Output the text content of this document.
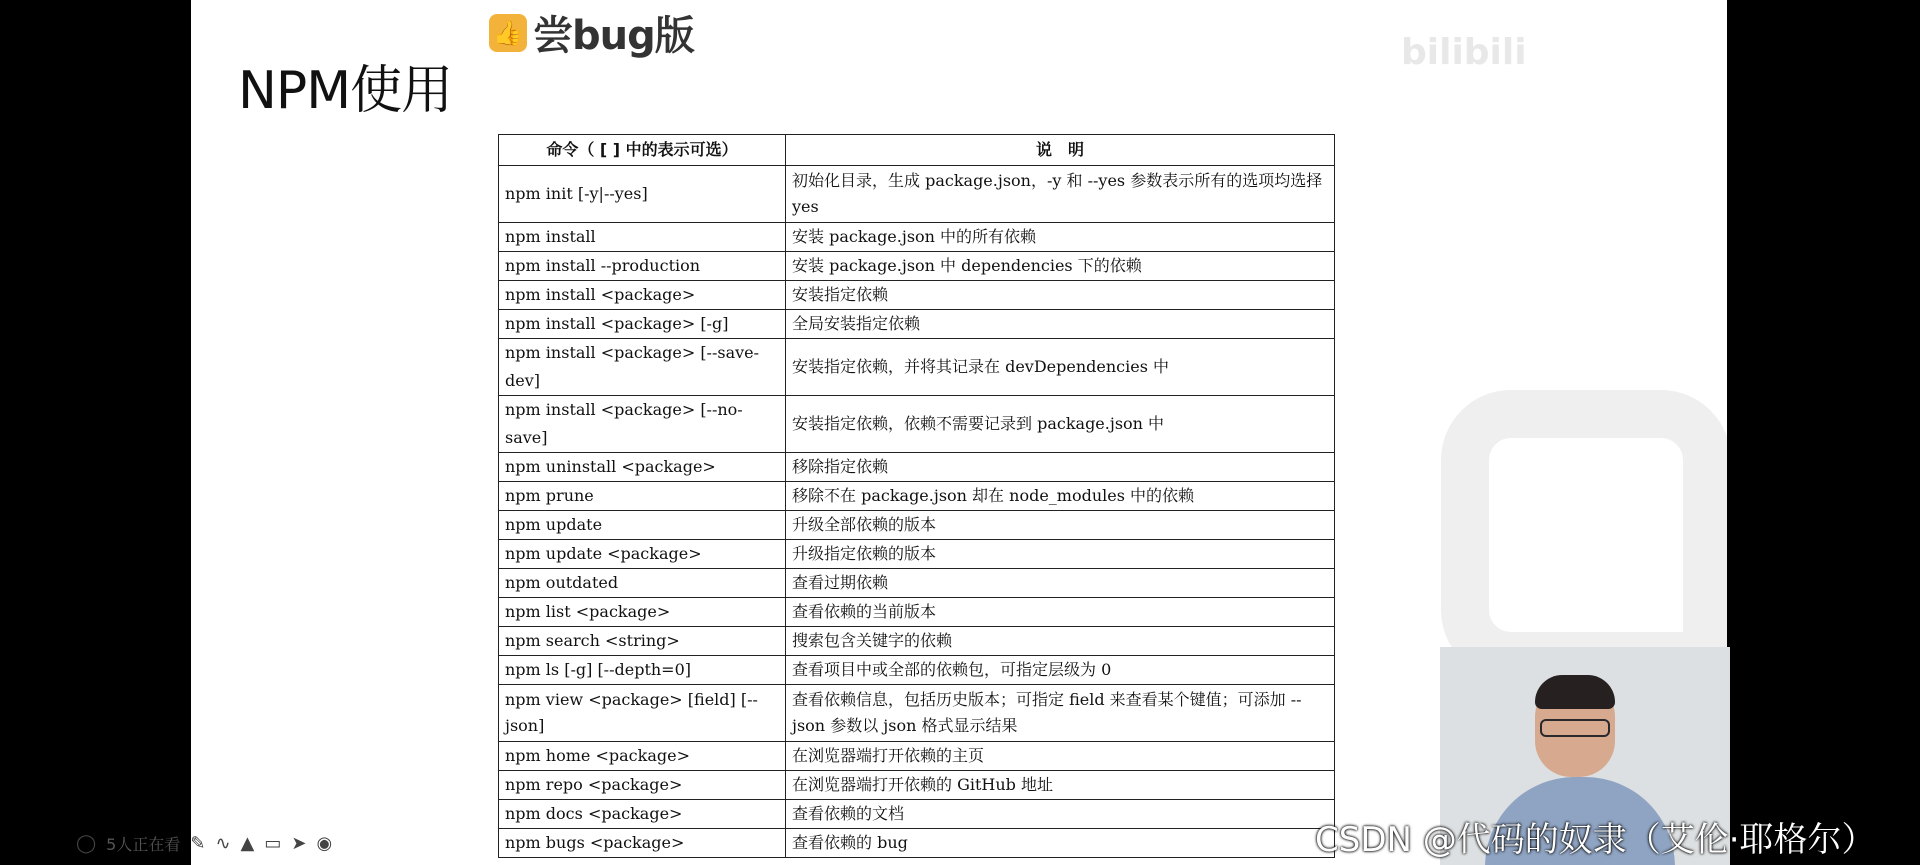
bilibili
👍 尝bug版
NPM使用
命令（ [ ] 中的表示可选）	说　明
npm init [-y|--yes]	初始化目录，生成 package.json，-y 和 --yes 参数表示所有的选项均选择 yes
npm install	安装 package.json 中的所有依赖
npm install --production	安装 package.json 中 dependencies 下的依赖
npm install <package>	安装指定依赖
npm install <package> [-g]	全局安装指定依赖
npm install <package> [--save-dev]	安装指定依赖，并将其记录在 devDependencies 中
npm install <package> [--no-save]	安装指定依赖，依赖不需要记录到 package.json 中
npm uninstall <package>	移除指定依赖
npm prune	移除不在 package.json 却在 node_modules 中的依赖
npm update	升级全部依赖的版本
npm update <package>	升级指定依赖的版本
npm outdated	查看过期依赖
npm list <package>	查看依赖的当前版本
npm search <string>	搜索包含关键字的依赖
npm ls [-g] [--depth=0]	查看项目中或全部的依赖包，可指定层级为 0
npm view <package> [field] [--json]	查看依赖信息，包括历史版本；可指定 field 来查看某个键值；可添加 --json 参数以 json 格式显示结果
npm home <package>	在浏览器端打开依赖的主页
npm repo <package>	在浏览器端打开依赖的 GitHub 地址
npm docs <package>	查看依赖的文档
npm bugs <package>	查看依赖的 bug
◯ 5人正在看 ✎ ∿ ▲ ▭ ➤ ◉	CSDN @代码的奴隶（艾伦·耶格尔）
